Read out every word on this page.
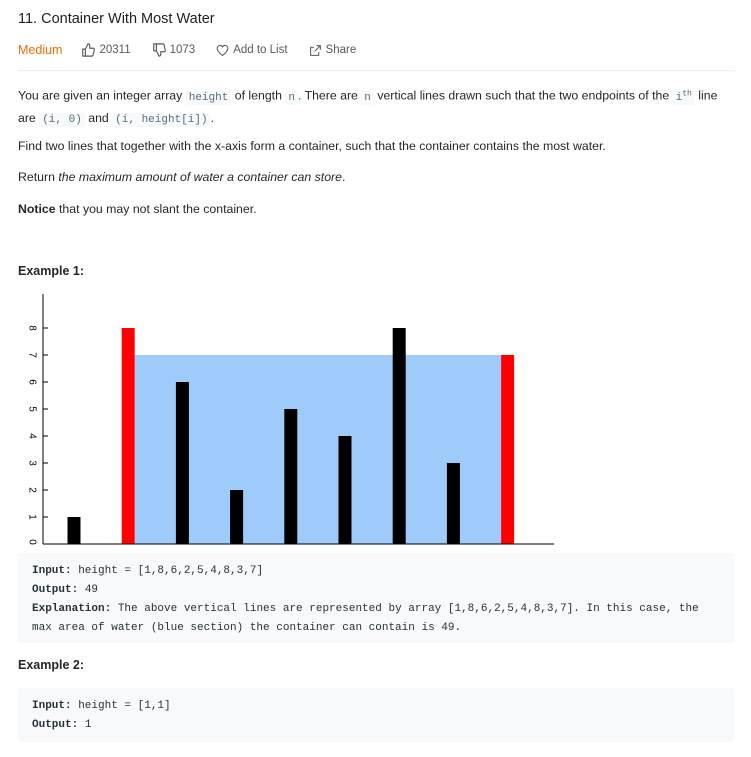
11. Container With Most Water
Medium	20311	1073	Add to List	Share

You are given an integer array height of length n . There are n vertical lines drawn such that the two endpoints of the $i^{th}$ line are (i, 0) and (i, height[i]) .

Find two lines that together with the x-axis form a container, such that the container contains the most water.

Return the maximum amount of water a container can store.

Notice that you may not slant the container.

Example 1:
0
1
2
3
4
5
6
7
8
Input: height = [1,8,6,2,5,4,8,3,7]
Output: 49
Explanation: The above vertical lines are represented by array [1,8,6,2,5,4,8,3,7]. In this case, the max area of water (blue section) the container can contain is 49.
Example 2:
Input: height = [1,1]
Output: 1
